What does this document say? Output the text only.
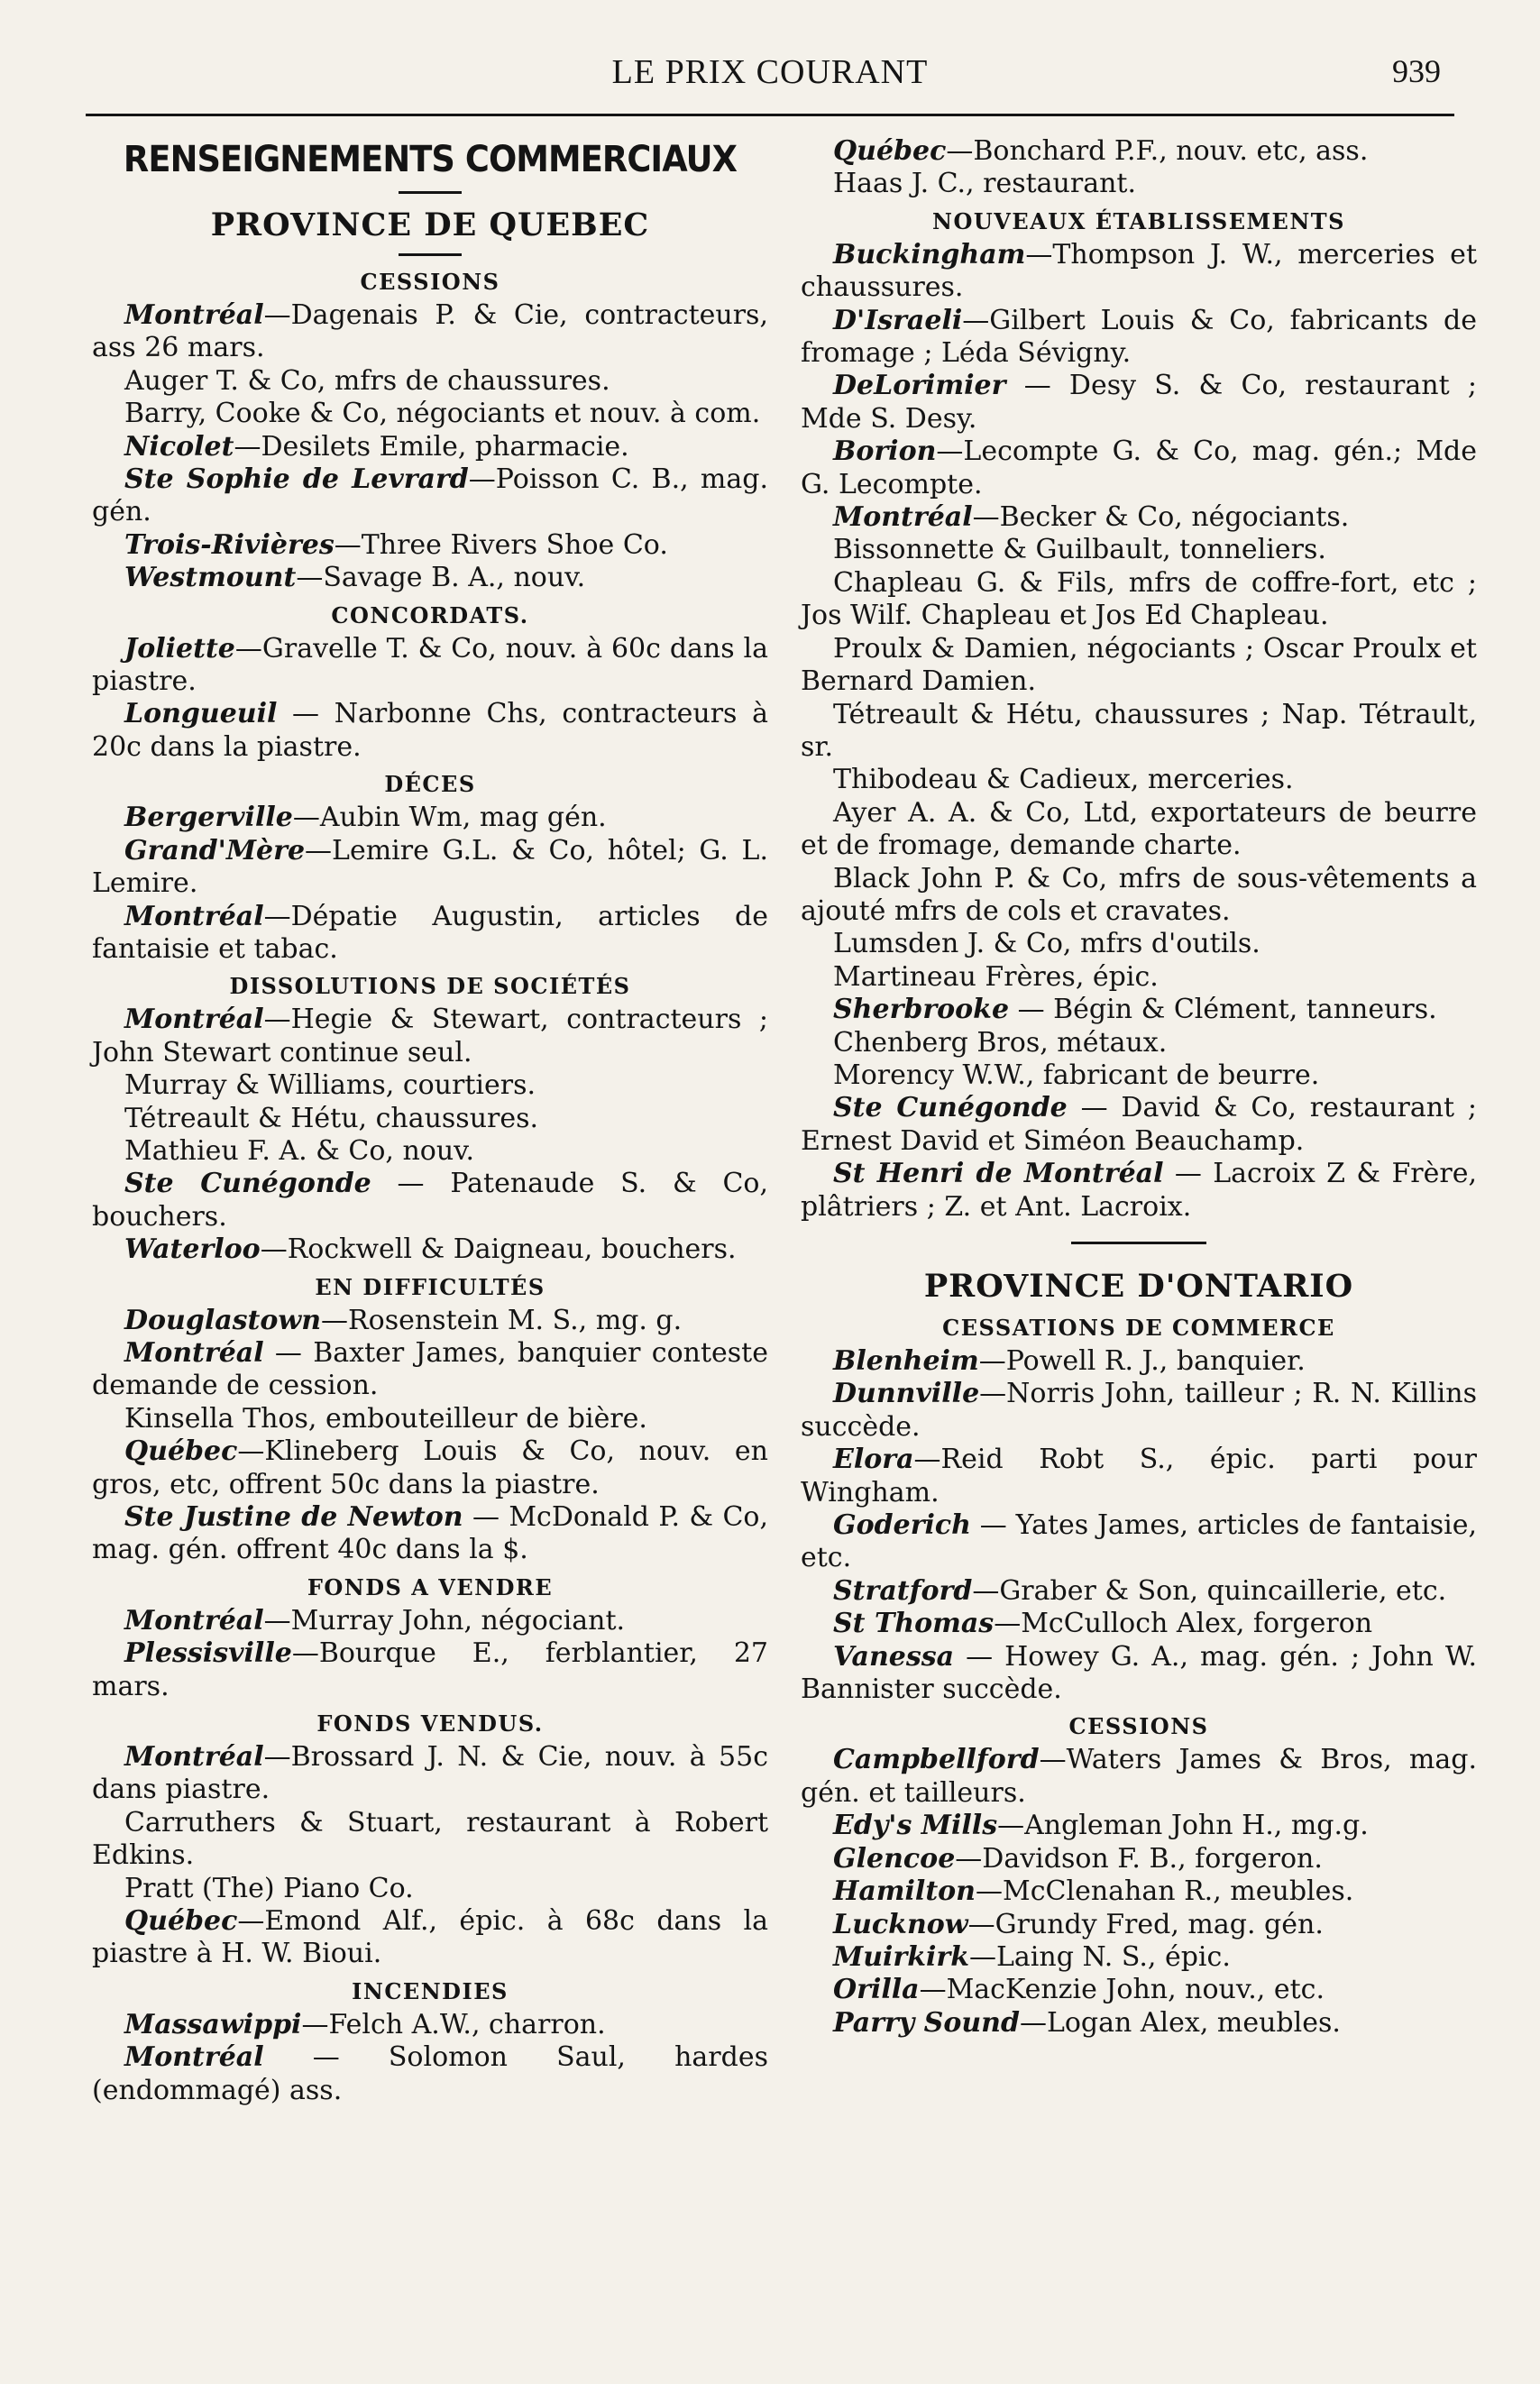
LE PRIX COURANT	939
RENSEIGNEMENTS COMMERCIAUX
PROVINCE DE QUEBEC
CESSIONS

Montréal—Dagenais P. & Cie, contracteurs, ass 26 mars.

Auger T. & Co, mfrs de chaussures.

Barry, Cooke & Co, négociants et nouv. à com.

Nicolet—Desilets Emile, pharmacie.

Ste Sophie de Levrard—Poisson C. B., mag. gén.

Trois-Rivières—Three Rivers Shoe Co.

Westmount—Savage B. A., nouv.

CONCORDATS.

Joliette—Gravelle T. & Co, nouv. à 60c dans la piastre.

Longueuil — Narbonne Chs, contracteurs à 20c dans la piastre.

DÉCES

Bergerville—Aubin Wm, mag gén.

Grand'Mère—Lemire G.L. & Co, hôtel; G. L. Lemire.

Montréal—Dépatie Augustin, articles de fantaisie et tabac.

DISSOLUTIONS DE SOCIÉTÉS

Montréal—Hegie & Stewart, contracteurs ; John Stewart continue seul.

Murray & Williams, courtiers.

Tétreault & Hétu, chaussures.

Mathieu F. A. & Co, nouv.

Ste Cunégonde — Patenaude S. & Co, bouchers.

Waterloo—Rockwell & Daigneau, bouchers.

EN DIFFICULTÉS

Douglastown—Rosenstein M. S., mg. g.

Montréal — Baxter James, banquier conteste demande de cession.

Kinsella Thos, embouteilleur de bière.

Québec—Klineberg Louis & Co, nouv. en gros, etc, offrent 50c dans la piastre.

Ste Justine de Newton — McDonald P. & Co, mag. gén. offrent 40c dans la $.

FONDS A VENDRE

Montréal—Murray John, négociant.

Plessisville—Bourque E., ferblantier, 27 mars.

FONDS VENDUS.

Montréal—Brossard J. N. & Cie, nouv. à 55c dans piastre.

Carruthers & Stuart, restaurant à Robert Edkins.

Pratt (The) Piano Co.

Québec—Emond Alf., épic. à 68c dans la piastre à H. W. Bioui.

INCENDIES

Massawippi—Felch A.W., charron.

Montréal — Solomon Saul, hardes (endommagé) ass.

Québec—Bonchard P.F., nouv. etc, ass.

Haas J. C., restaurant.

NOUVEAUX ÉTABLISSEMENTS

Buckingham—Thompson J. W., merceries et chaussures.

D'Israeli—Gilbert Louis & Co, fabricants de fromage ; Léda Sévigny.

DeLorimier — Desy S. & Co, restaurant ; Mde S. Desy.

Borion—Lecompte G. & Co, mag. gén.; Mde G. Lecompte.

Montréal—Becker & Co, négociants.

Bissonnette & Guilbault, tonneliers.

Chapleau G. & Fils, mfrs de coffre-fort, etc ; Jos Wilf. Chapleau et Jos Ed Chapleau.

Proulx & Damien, négociants ; Oscar Proulx et Bernard Damien.

Tétreault & Hétu, chaussures ; Nap. Tétrault, sr.

Thibodeau & Cadieux, merceries.

Ayer A. A. & Co, Ltd, exportateurs de beurre et de fromage, demande charte.

Black John P. & Co, mfrs de sous-vêtements a ajouté mfrs de cols et cravates.

Lumsden J. & Co, mfrs d'outils.

Martineau Frères, épic.

Sherbrooke — Bégin & Clément, tanneurs.

Chenberg Bros, métaux.

Morency W.W., fabricant de beurre.

Ste Cunégonde — David & Co, restaurant ; Ernest David et Siméon Beauchamp.

St Henri de Montréal — Lacroix Z & Frère, plâtriers ; Z. et Ant. Lacroix.

PROVINCE D'ONTARIO
CESSATIONS DE COMMERCE

Blenheim—Powell R. J., banquier.

Dunnville—Norris John, tailleur ; R. N. Killins succède.

Elora—Reid Robt S., épic. parti pour Wingham.

Goderich — Yates James, articles de fantaisie, etc.

Stratford—Graber & Son, quincaillerie, etc.

St Thomas—McCulloch Alex, forgeron

Vanessa — Howey G. A., mag. gén. ; John W. Bannister succède.

CESSIONS

Campbellford—Waters James & Bros, mag. gén. et tailleurs.

Edy's Mills—Angleman John H., mg.g.

Glencoe—Davidson F. B., forgeron.

Hamilton—McClenahan R., meubles.

Lucknow—Grundy Fred, mag. gén.

Muirkirk—Laing N. S., épic.

Orilla—MacKenzie John, nouv., etc.

Parry Sound—Logan Alex, meubles.
